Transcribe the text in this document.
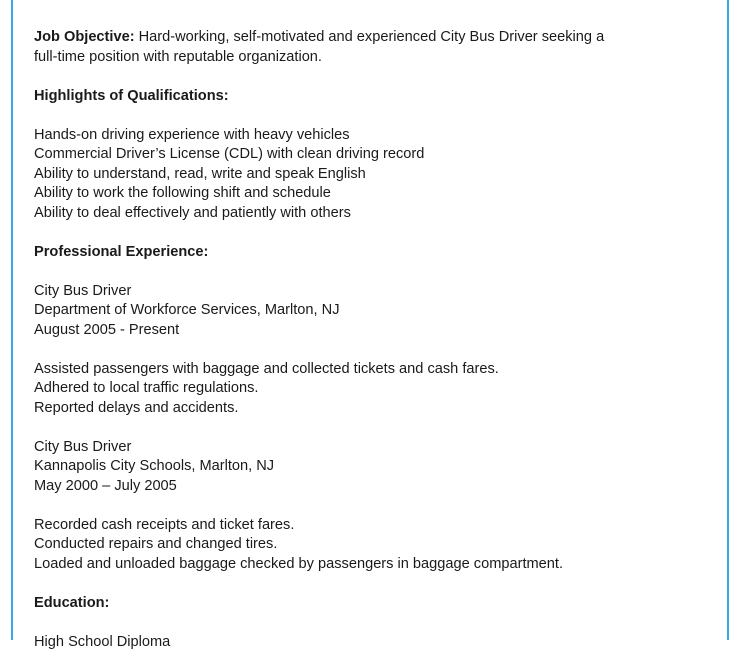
Job Objective: Hard-working, self-motivated and experienced City Bus Driver seeking a
full-time position with reputable organization.

Highlights of Qualifications:

Hands-on driving experience with heavy vehicles
Commercial Driver’s License (CDL) with clean driving record
Ability to understand, read, write and speak English
Ability to work the following shift and schedule
Ability to deal effectively and patiently with others

Professional Experience:

City Bus Driver
Department of Workforce Services, Marlton, NJ
August 2005 - Present
Assisted passengers with baggage and collected tickets and cash fares.
Adhered to local traffic regulations.
Reported delays and accidents.
City Bus Driver
Kannapolis City Schools, Marlton, NJ
May 2000 – July 2005
Recorded cash receipts and ticket fares.
Conducted repairs and changed tires.
Loaded and unloaded baggage checked by passengers in baggage compartment.

Education:

High School Diploma
